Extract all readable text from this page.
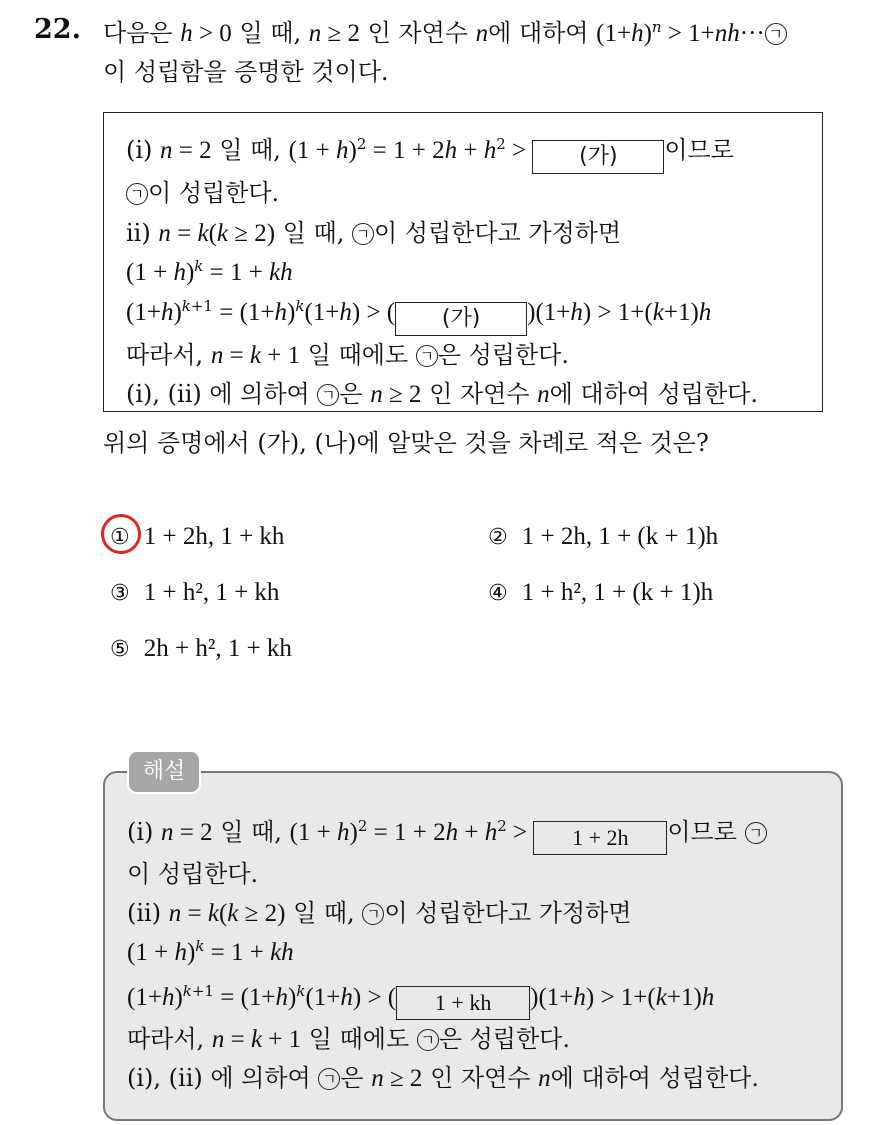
22. 다음은 h > 0 일 때, n ≥ 2 인 자연수 n에 대하여 $(1+h)^n > 1+nh\cdot\cdot\cdot$ ㄱ
이 성립함을 증명한 것이다.
(i) n = 2 일 때, $(1 + h)^2 = 1 + 2h + h^2$ > (가) 이므로
ㄱ 이 성립한다.
ii) n = k(k ≥ 2) 일 때, ㄱ 이 성립한다고 가정하면
$(1 + h)^k = 1$ + kh
$(1+h)^{k+1} = (1+h)^k(1+h)$ > ( (가) )(1+h) > 1+(k+1)h
따라서, n = k + 1 일 때에도 ㄱ 은 성립한다.
(i), (ii) 에 의하여 ㄱ 은 n ≥ 2 인 자연수 n에 대하여 성립한다.
위의 증명에서 (가), (나)에 알맞은 것을 차례로 적은 것은?
① 1 + 2h, 1 + kh	② 1 + 2h, 1 + (k + 1)h
③ 1 + h², 1 + kh	④ 1 + h², 1 + (k + 1)h
⑤ 2h + h², 1 + kh
(i) n = 2 일 때, $(1 + h)^2 = 1 + 2h + h^2 > 1 + 2h$ 이므로 ㄱ
이 성립한다.
(ii) n = k(k ≥ 2) 일 때, ㄱ 이 성립한다고 가정하면
$(1 + h)^k = 1$ + kh
$(1+h)^{k+1} = (1+h)^k(1+h)$ > ( 1 + kh )(1+h) > 1+(k+1)h
따라서, n = k + 1 일 때에도 ㄱ 은 성립한다.
(i), (ii) 에 의하여 ㄱ 은 n ≥ 2 인 자연수 n에 대하여 성립한다.
해설
